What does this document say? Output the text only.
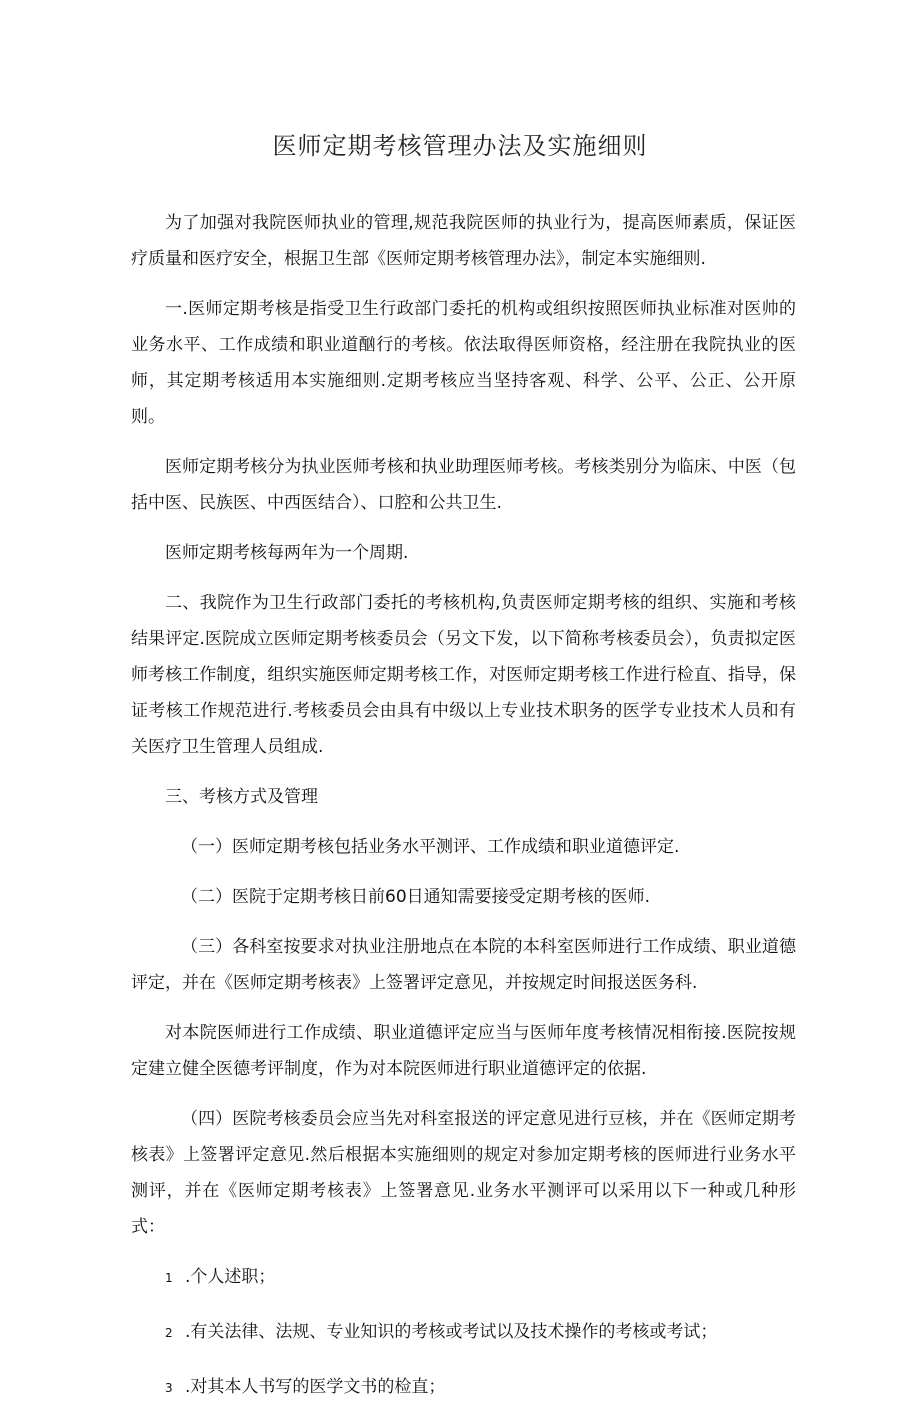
医师定期考核管理办法及实施细则

为了加强对我院医师执业的管理,规范我院医师的执业行为，提高医师素质，保证医疗质量和医疗安全，根据卫生部《医师定期考核管理办法》，制定本实施细则.

一.医师定期考核是指受卫生行政部门委托的机构或组织按照医师执业标准对医帅的业务水平、工作成绩和职业道酗行的考核。依法取得医师资格，经注册在我院执业的医师，其定期考核适用本实施细则.定期考核应当坚持客观、科学、公平、公正、公开原则。

医师定期考核分为执业医师考核和执业助理医师考核。考核类别分为临床、中医（包括中医、民族医、中西医结合）、口腔和公共卫生.

医师定期考核每两年为一个周期.

二、我院作为卫生行政部门委托的考核机构,负责医师定期考核的组织、实施和考核结果评定.医院成立医师定期考核委员会（另文下发，以下简称考核委员会），负责拟定医师考核工作制度，组织实施医师定期考核工作，对医师定期考核工作进行检直、指导，保证考核工作规范进行.考核委员会由具有中级以上专业技术职务的医学专业技术人员和有关医疗卫生管理人员组成.

三、考核方式及管理

（一）医师定期考核包括业务水平测评、工作成绩和职业道德评定.

（二）医院于定期考核日前60日通知需要接受定期考核的医师.

（三）各科室按要求对执业注册地点在本院的本科室医师进行工作成绩、职业道德评定，并在《医师定期考核表》上签署评定意见，并按规定时间报送医务科.

对本院医师进行工作成绩、职业道德评定应当与医师年度考核情况相衔接.医院按规定建立健全医德考评制度，作为对本院医师进行职业道德评定的依据.

（四）医院考核委员会应当先对科室报送的评定意见进行豆核，并在《医师定期考核表》上签署评定意见.然后根据本实施细则的规定对参加定期考核的医师进行业务水平测评，并在《医师定期考核表》上签署意见.业务水平测评可以采用以下一种或几种形式：

1 .个人述职；
2 .有关法律、法规、专业知识的考核或考试以及技术操作的考核或考试；
3 .对其本人书写的医学文书的检直；
